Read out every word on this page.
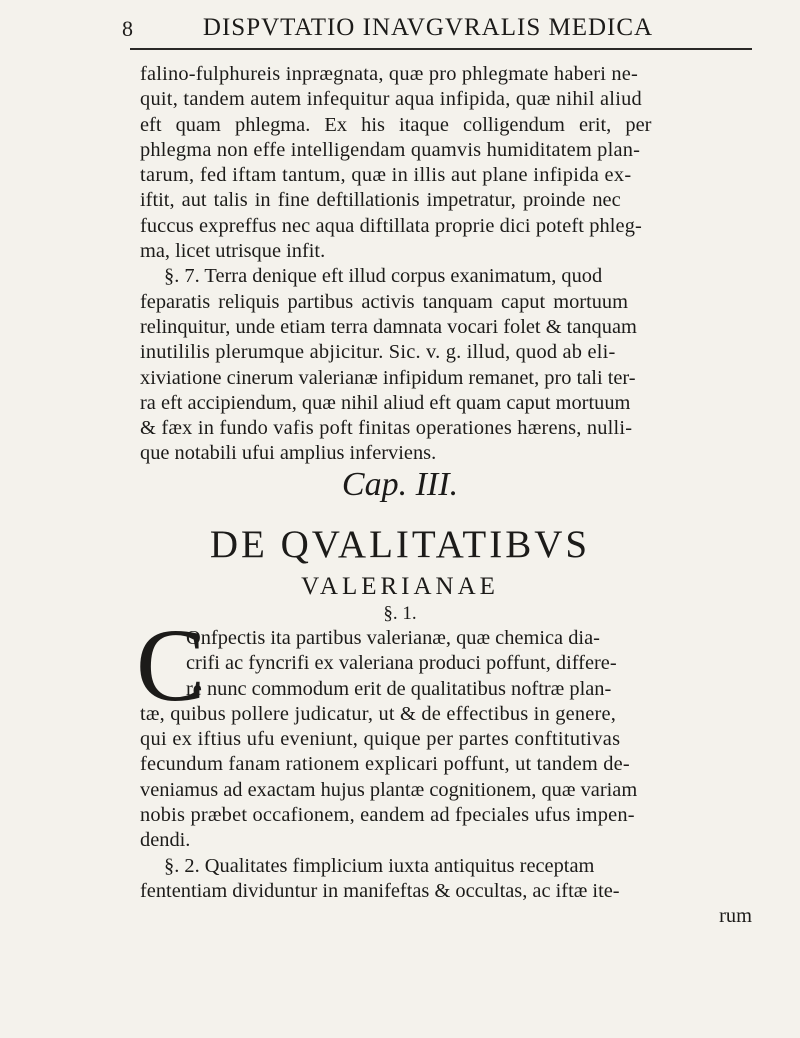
8	DISPVTATIO INAVGVRALIS MEDICA
falino-fulphureis inprægnata, quæ pro phlegmate haberi ne-
quit, tandem autem infequitur aqua infipida, quæ nihil aliud
eft quam phlegma. Ex his itaque colligendum erit, per
phlegma non effe intelligendam quamvis humiditatem plan-
tarum, fed iftam tantum, quæ in illis aut plane infipida ex-
iftit, aut talis in fine deftillationis impetratur, proinde nec
fuccus expreffus nec aqua diftillata proprie dici poteft phleg-
ma, licet utrisque infit.
§. 7. Terra denique eft illud corpus exanimatum, quod
feparatis reliquis partibus activis tanquam caput mortuum
relinquitur, unde etiam terra damnata vocari folet & tanquam
inutililis plerumque abjicitur. Sic. v. g. illud, quod ab eli-
xiviatione cinerum valerianæ infipidum remanet, pro tali ter-
ra eft accipiendum, quæ nihil aliud eft quam caput mortuum
& fæx in fundo vafis poft finitas operationes hærens, nulli-
que notabili ufui amplius inferviens.
Cap. III.
DE QVALITATIBVS
VALERIANAE
§. 1.
C
Onfpectis ita partibus valerianæ, quæ chemica dia-
crifi ac fyncrifi ex valeriana produci poffunt, differe-
re nunc commodum erit de qualitatibus noftræ plan-
tæ, quibus pollere judicatur, ut & de effectibus in genere,
qui ex iftius ufu eveniunt, quique per partes conftitutivas
fecundum fanam rationem explicari poffunt, ut tandem de-
veniamus ad exactam hujus plantæ cognitionem, quæ variam
nobis præbet occafionem, eandem ad fpeciales ufus impen-
dendi.
§. 2. Qualitates fimplicium iuxta antiquitus receptam
fententiam dividuntur in manifeftas & occultas, ac iftæ ite-
rum
